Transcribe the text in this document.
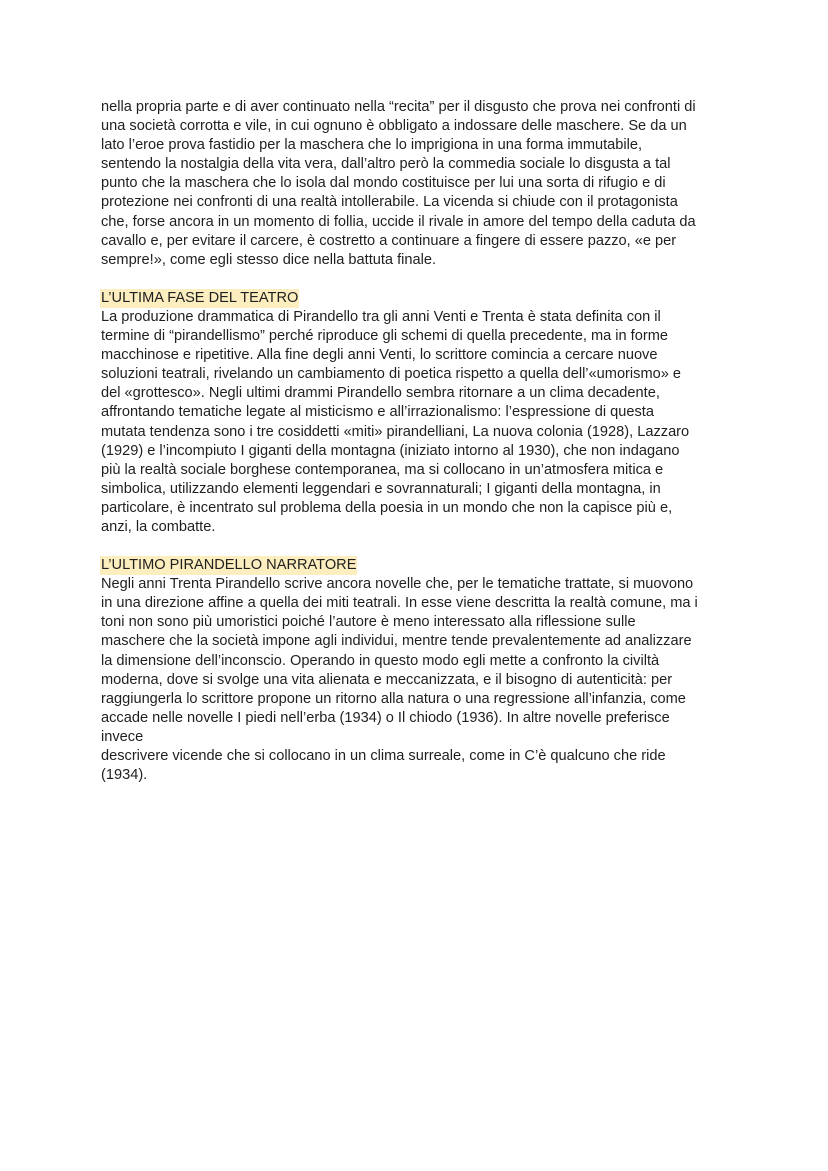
nella propria parte e di aver continuato nella “recita” per il disgusto che prova nei confronti di
una società corrotta e vile, in cui ognuno è obbligato a indossare delle maschere. Se da un
lato l’eroe prova fastidio per la maschera che lo imprigiona in una forma immutabile,
sentendo la nostalgia della vita vera, dall’altro però la commedia sociale lo disgusta a tal
punto che la maschera che lo isola dal mondo costituisce per lui una sorta di rifugio e di
protezione nei confronti di una realtà intollerabile. La vicenda si chiude con il protagonista
che, forse ancora in un momento di follia, uccide il rivale in amore del tempo della caduta da
cavallo e, per evitare il carcere, è costretto a continuare a fingere di essere pazzo, «e per
sempre!», come egli stesso dice nella battuta finale.
L’ULTIMA FASE DEL TEATRO
La produzione drammatica di Pirandello tra gli anni Venti e Trenta è stata definita con il
termine di “pirandellismo” perché riproduce gli schemi di quella precedente, ma in forme
macchinose e ripetitive. Alla fine degli anni Venti, lo scrittore comincia a cercare nuove
soluzioni teatrali, rivelando un cambiamento di poetica rispetto a quella dell’«umorismo» e
del «grottesco». Negli ultimi drammi Pirandello sembra ritornare a un clima decadente,
affrontando tematiche legate al misticismo e all’irrazionalismo: l’espressione di questa
mutata tendenza sono i tre cosiddetti «miti» pirandelliani, La nuova colonia (1928), Lazzaro
(1929) e l’incompiuto I giganti della montagna (iniziato intorno al 1930), che non indagano
più la realtà sociale borghese contemporanea, ma si collocano in un’atmosfera mitica e
simbolica, utilizzando elementi leggendari e sovrannaturali; I giganti della montagna, in
particolare, è incentrato sul problema della poesia in un mondo che non la capisce più e,
anzi, la combatte.
L’ULTIMO PIRANDELLO NARRATORE
Negli anni Trenta Pirandello scrive ancora novelle che, per le tematiche trattate, si muovono
in una direzione affine a quella dei miti teatrali. In esse viene descritta la realtà comune, ma i
toni non sono più umoristici poiché l’autore è meno interessato alla riflessione sulle
maschere che la società impone agli individui, mentre tende prevalentemente ad analizzare
la dimensione dell’inconscio. Operando in questo modo egli mette a confronto la civiltà
moderna, dove si svolge una vita alienata e meccanizzata, e il bisogno di autenticità: per
raggiungerla lo scrittore propone un ritorno alla natura o una regressione all’infanzia, come
accade nelle novelle I piedi nell’erba (1934) o Il chiodo (1936). In altre novelle preferisce
invece
descrivere vicende che si collocano in un clima surreale, come in C’è qualcuno che ride
(1934).
